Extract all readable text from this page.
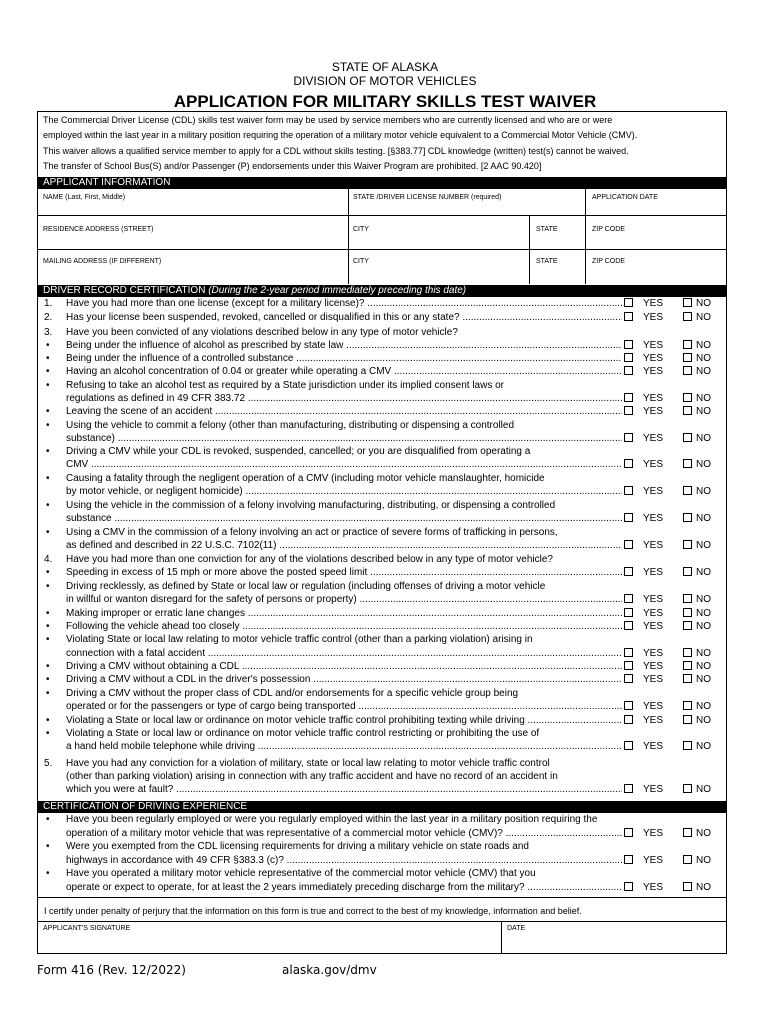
STATE OF ALASKA
DIVISION OF MOTOR VEHICLES
APPLICATION FOR MILITARY SKILLS TEST WAIVER
The Commercial Driver License (CDL) skills test waiver form may be used by service members who are currently licensed and who are or were
employed within the last year in a military position requiring the operation of a military motor vehicle equivalent to a Commercial Motor Vehicle (CMV).
This waiver allows a qualified service member to apply for a CDL without skills testing. [§383.77] CDL knowledge (written) test(s) cannot be waived.
The transfer of School Bus(S) and/or Passenger (P) endorsements under this Waiver Program are prohibited. [2 AAC 90.420]
APPLICANT INFORMATION
NAME (Last, First, Middle)	STATE /DRIVER LICENSE NUMBER (required)	APPLICATION DATE
RESIDENCE ADDRESS (STREET)	CITY	STATE	ZIP CODE
MAILING ADDRESS (IF DIFFERENT)	CITY	STATE	ZIP CODE
DRIVER RECORD CERTIFICATION (During the 2-year period immediately preceding this date)
1. Have you had more than one license (except for a military license)? .....	YES	NO
2. Has your license been suspended, revoked, cancelled or disqualified in this or any state? .....	YES	NO
3. Have you been convicted of any violations described below in any type of motor vehicle?
• Being under the influence of alcohol as prescribed by state law .....	YES	NO
• Being under the influence of a controlled substance .....	YES	NO
• Having an alcohol concentration of 0.04 or greater while operating a CMV .....	YES	NO
• Refusing to take an alcohol test as required by a State jurisdiction under its implied consent laws or
regulations as defined in 49 CFR 383.72 .....	YES	NO
• Leaving the scene of an accident .....	YES	NO
• Using the vehicle to commit a felony (other than manufacturing, distributing or dispensing a controlled
substance) .....	YES	NO
• Driving a CMV while your CDL is revoked, suspended, cancelled; or you are disqualified from operating a
CMV .....	YES	NO
• Causing a fatality through the negligent operation of a CMV (including motor vehicle manslaughter, homicide
by motor vehicle, or negligent homicide) .....	YES	NO
• Using the vehicle in the commission of a felony involving manufacturing, distributing, or dispensing a controlled
substance .....	YES	NO
• Using a CMV in the commission of a felony involving an act or practice of severe forms of trafficking in persons,
as defined and described in 22 U.S.C. 7102(11) .....	YES	NO
4. Have you had more than one conviction for any of the violations described below in any type of motor vehicle?
• Speeding in excess of 15 mph or more above the posted speed limit .....	YES	NO
• Driving recklessly, as defined by State or local law or regulation (including offenses of driving a motor vehicle
in willful or wanton disregard for the safety of persons or property) .....	YES	NO
• Making improper or erratic lane changes .....	YES	NO
• Following the vehicle ahead too closely .....	YES	NO
• Violating State or local law relating to motor vehicle traffic control (other than a parking violation) arising in
connection with a fatal accident .....	YES	NO
• Driving a CMV without obtaining a CDL .....	YES	NO
• Driving a CMV without a CDL in the driver's possession .....	YES	NO
• Driving a CMV without the proper class of CDL and/or endorsements for a specific vehicle group being
operated or for the passengers or type of cargo being transported .....	YES	NO
• Violating a State or local law or ordinance on motor vehicle traffic control prohibiting texting while driving .....	YES	NO
• Violating a State or local law or ordinance on motor vehicle traffic control restricting or prohibiting the use of
a hand held mobile telephone while driving .....	YES	NO
5. Have you had any conviction for a violation of military, state or local law relating to motor vehicle traffic control
(other than parking violation) arising in connection with any traffic accident and have no record of an accident in
which you were at fault? .....	YES	NO
CERTIFICATION OF DRIVING EXPERIENCE
• Have you been regularly employed or were you regularly employed within the last year in a military position requiring the
operation of a military motor vehicle that was representative of a commercial motor vehicle (CMV)? .....	YES	NO
• Were you exempted from the CDL licensing requirements for driving a military vehicle on state roads and
highways in accordance with 49 CFR §383.3 (c)? .....	YES	NO
• Have you operated a military motor vehicle representative of the commercial motor vehicle (CMV) that you
operate or expect to operate, for at least the 2 years immediately preceding discharge from the military? .....	YES	NO
I certify under penalty of perjury that the information on this form is true and correct to the best of my knowledge, information and belief.
APPLICANT'S SIGNATURE	DATE
Form 416 (Rev. 12/2022)	alaska.gov/dmv
